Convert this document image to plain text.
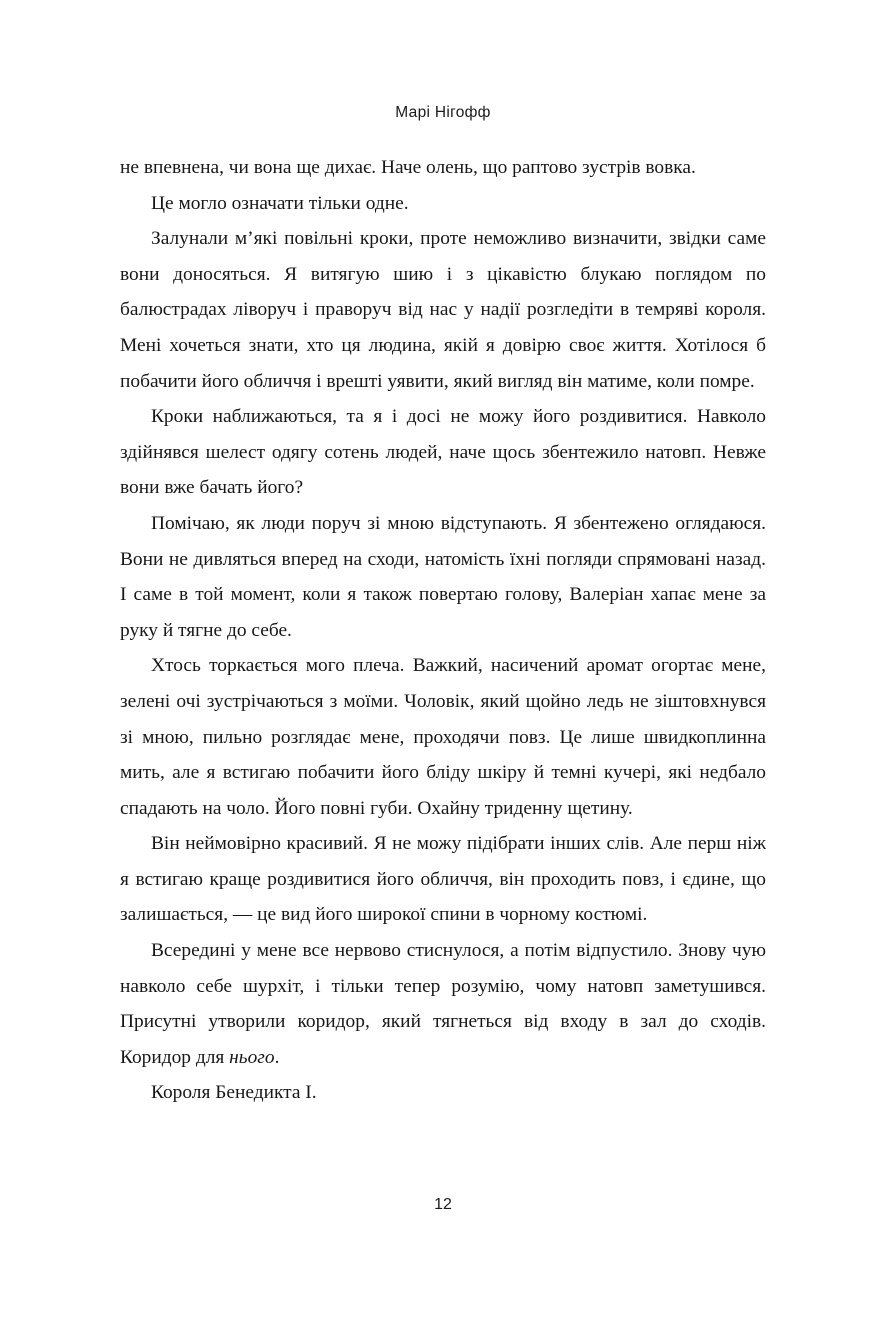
Марі Нігофф

не впевнена, чи вона ще дихає. Наче олень, що раптово зустрів вовка.

Це могло означати тільки одне.

Залунали м’які повільні кроки, проте неможливо визначити, звідки саме вони доносяться. Я витягую шию і з цікавістю блукаю поглядом по балюстрадах ліворуч і праворуч від нас у надії розгледіти в темряві короля. Мені хочеться знати, хто ця людина, якій я довірю своє життя. Хотілося б побачити його обличчя і врешті уявити, який вигляд він матиме, коли помре.

Кроки наближаються, та я і досі не можу його роздивитися. Навколо здійнявся шелест одягу сотень людей, наче щось збентежило натовп. Невже вони вже бачать його?

Помічаю, як люди поруч зі мною відступають. Я збентежено оглядаюся. Вони не дивляться вперед на сходи, натомість їхні погляди спрямовані назад. І саме в той момент, коли я також повертаю голову, Валеріан хапає мене за руку й тягне до себе.

Хтось торкається мого плеча. Важкий, насичений аромат огортає мене, зелені очі зустрічаються з моїми. Чоловік, який щойно ледь не зіштовхнувся зі мною, пильно розглядає мене, проходячи повз. Це лише швидкоплинна мить, але я встигаю побачити його бліду шкіру й темні кучері, які недбало спадають на чоло. Його повні губи. Охайну триденну щетину.

Він неймовірно красивий. Я не можу підібрати інших слів. Але перш ніж я встигаю краще роздивитися його обличчя, він проходить повз, і єдине, що залишається, — це вид його широкої спини в чорному костюмі.

Всередині у мене все нервово стиснулося, а потім відпустило. Знову чую навколо себе шурхіт, і тільки тепер розумію, чому натовп заметушився. Присутні утворили коридор, який тягнеться від входу в зал до сходів. Коридор для нього.

Короля Бенедикта I.

12
